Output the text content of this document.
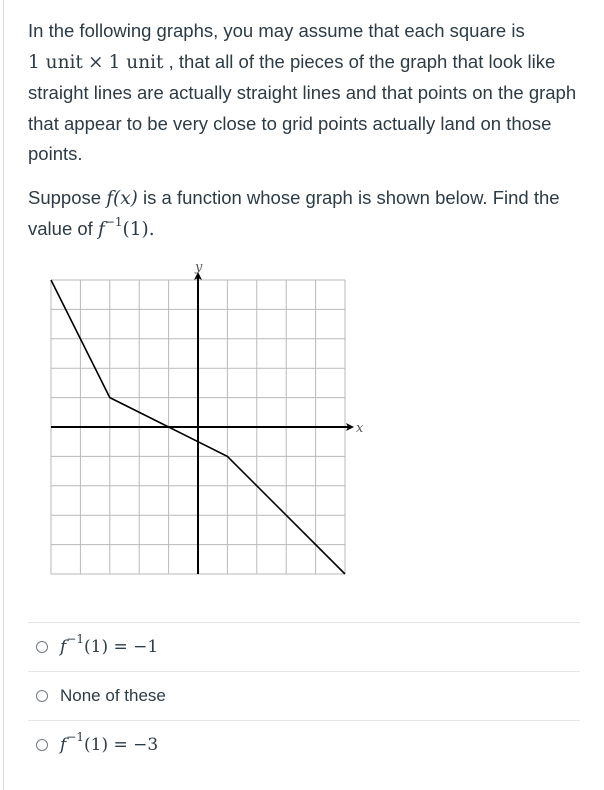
In the following graphs, you may assume that each square is
1 unit × 1 unit , that all of the pieces of the graph that look like straight lines are actually straight lines and that points on the graph that appear to be very close to grid points actually land on those points.

Suppose f(x) is a function whose graph is shown below. Find the value of $f^{-1}(1)$.

x
y
$f^{-1}(1) = -1$
None of these
$f^{-1}(1) = -3$
